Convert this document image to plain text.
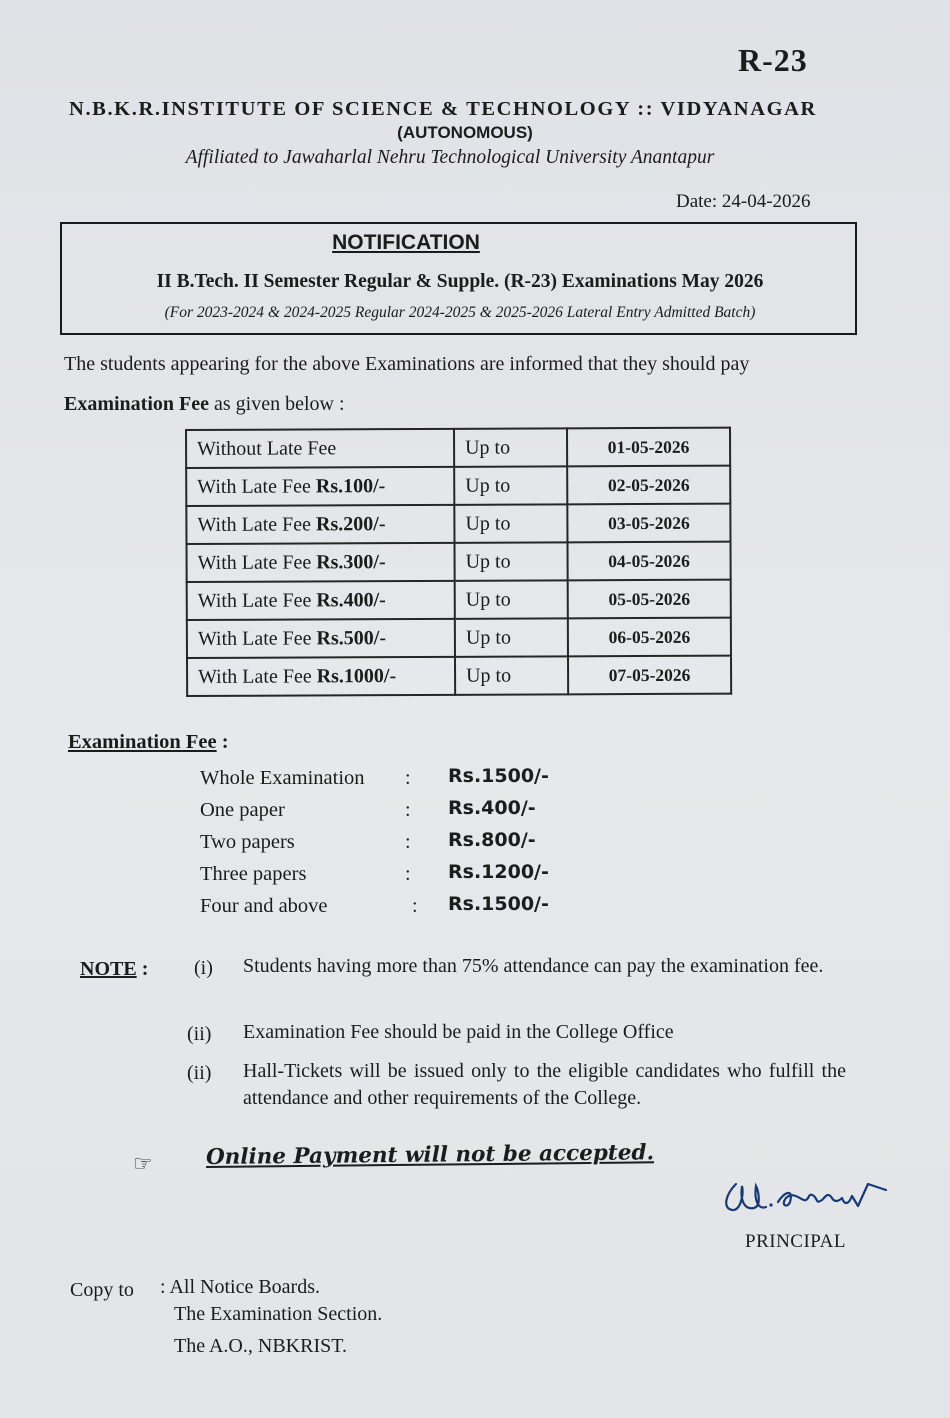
R-23
N.B.K.R.INSTITUTE OF SCIENCE & TECHNOLOGY :: VIDYANAGAR
(AUTONOMOUS)
Affiliated to Jawaharlal Nehru Technological University Anantapur
Date: 24-04-2026
NOTIFICATION
II B.Tech. II Semester Regular & Supple. (R-23) Examinations May 2026
(For 2023-2024 & 2024-2025 Regular 2024-2025 & 2025-2026 Lateral Entry Admitted Batch)
The students appearing for the above Examinations are informed that they should pay
Examination Fee as given below :
Without Late Fee	Up to	01-05-2026
With Late Fee Rs.100/-	Up to	02-05-2026
With Late Fee Rs.200/-	Up to	03-05-2026
With Late Fee Rs.300/-	Up to	04-05-2026
With Late Fee Rs.400/-	Up to	05-05-2026
With Late Fee Rs.500/-	Up to	06-05-2026
With Late Fee Rs.1000/-	Up to	07-05-2026
Examination Fee :
Whole Examination : Rs.1500/-
One paper	: Rs.400/-
Two papers	: Rs.800/-
Three papers	: Rs.1200/-
Four and above	: Rs.1500/-
NOTE : (i) Students having more than 75% attendance can pay the examination fee.
(ii) Examination Fee should be paid in the College Office
(ii) Hall-Tickets will be issued only to the eligible candidates who fulfill the attendance and other requirements of the College.
☞ Online Payment will not be accepted.
PRINCIPAL
Copy to : All Notice Boards.
The Examination Section.
The A.O., NBKRIST.
